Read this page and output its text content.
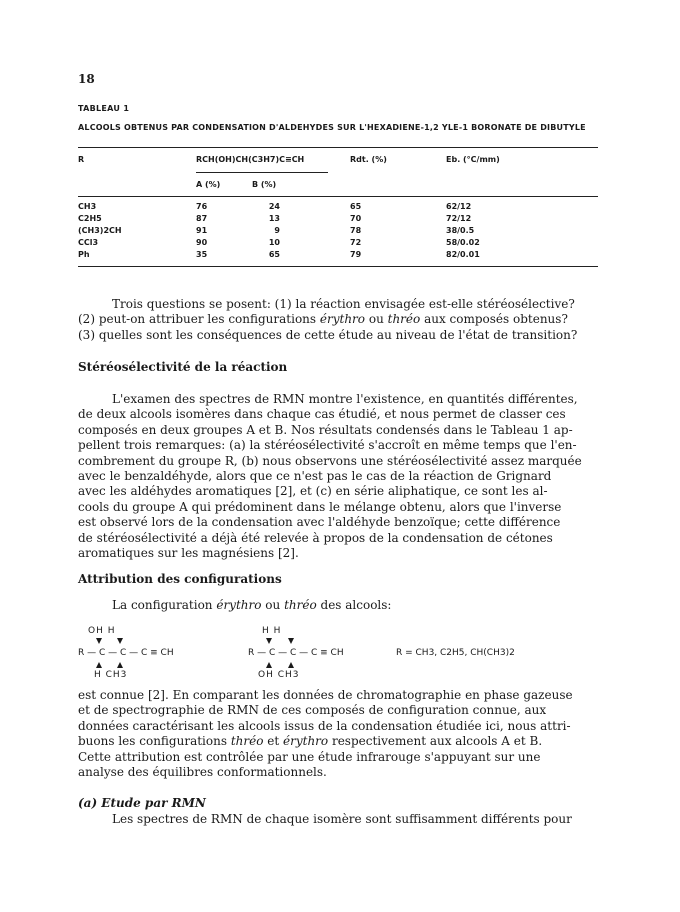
18
TABLEAU 1
ALCOOLS OBTENUS PAR CONDENSATION D'ALDEHYDES SUR L'HEXADIENE-1,2 YLE-1 BORONATE DE DIBUTYLE
R	RCH(OH)CH(C3H7)C≡CH	Rdt. (%)	Eb. (°C/mm)
A (%)	B (%)
CH3	76	24	65	62/12
C2H5	87	13	70	72/12
(CH3)2CH	91	9	78	38/0.5
CCl3	90	10	72	58/0.02
Ph	35	65	79	82/0.01

Trois questions se posent: (1) la réaction envisagée est-elle stéréosélective?

(2) peut-on attribuer les configurations érythro ou thréo aux composés obtenus?

(3) quelles sont les conséquences de cette étude au niveau de l'état de transition?

Stéréosélectivité de la réaction

L'examen des spectres de RMN montre l'existence, en quantités différentes,

de deux alcools isomères dans chaque cas étudié, et nous permet de classer ces

composés en deux groupes A et B. Nos résultats condensés dans le Tableau 1 ap-

pellent trois remarques: (a) la stéréosélectivité s'accroît en même temps que l'en-

combrement du groupe R, (b) nous observons une stéréosélectivité assez marquée

avec le benzaldéhyde, alors que ce n'est pas le cas de la réaction de Grignard

avec les aldéhydes aromatiques [2], et (c) en série aliphatique, ce sont les al-

cools du groupe A qui prédominent dans le mélange obtenu, alors que l'inverse

est observé lors de la condensation avec l'aldéhyde benzoïque; cette différence

de stéréosélectivité a déjà été relevée à propos de la condensation de cétones

aromatiques sur les magnésiens [2].

Attribution des configurations
La configuration érythro ou thréo des alcools:
OH H
R — C — C — C ≡ CH
H CH3
H H
R — C — C — C ≡ CH
OH CH3
R = CH3, C2H5, CH(CH3)2

est connue [2]. En comparant les données de chromatographie en phase gazeuse

et de spectrographie de RMN de ces composés de configuration connue, aux

données caractérisant les alcools issus de la condensation étudiée ici, nous attri-

buons les configurations thréo et érythro respectivement aux alcools A et B.

Cette attribution est contrôlée par une étude infrarouge s'appuyant sur une

analyse des équilibres conformationnels.

(a) Etude par RMN

Les spectres de RMN de chaque isomère sont suffisamment différents pour
